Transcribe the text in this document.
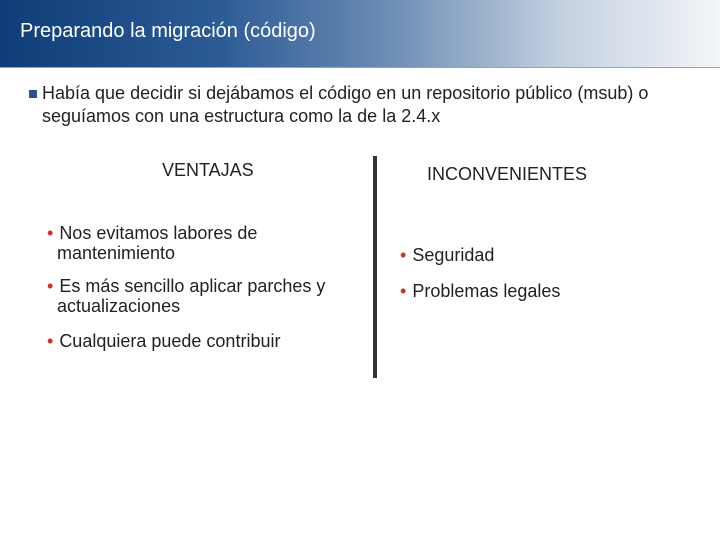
Preparando la migración (código)
Había que decidir si dejábamos el código en un repositorio público (msub) o seguíamos con una estructura como la de la 2.4.x
VENTAJAS	INCONVENIENTES
• Nos evitamos labores de
mantenimiento
• Es más sencillo aplicar parches y
actualizaciones
• Cualquiera puede contribuir
• Seguridad
• Problemas legales
